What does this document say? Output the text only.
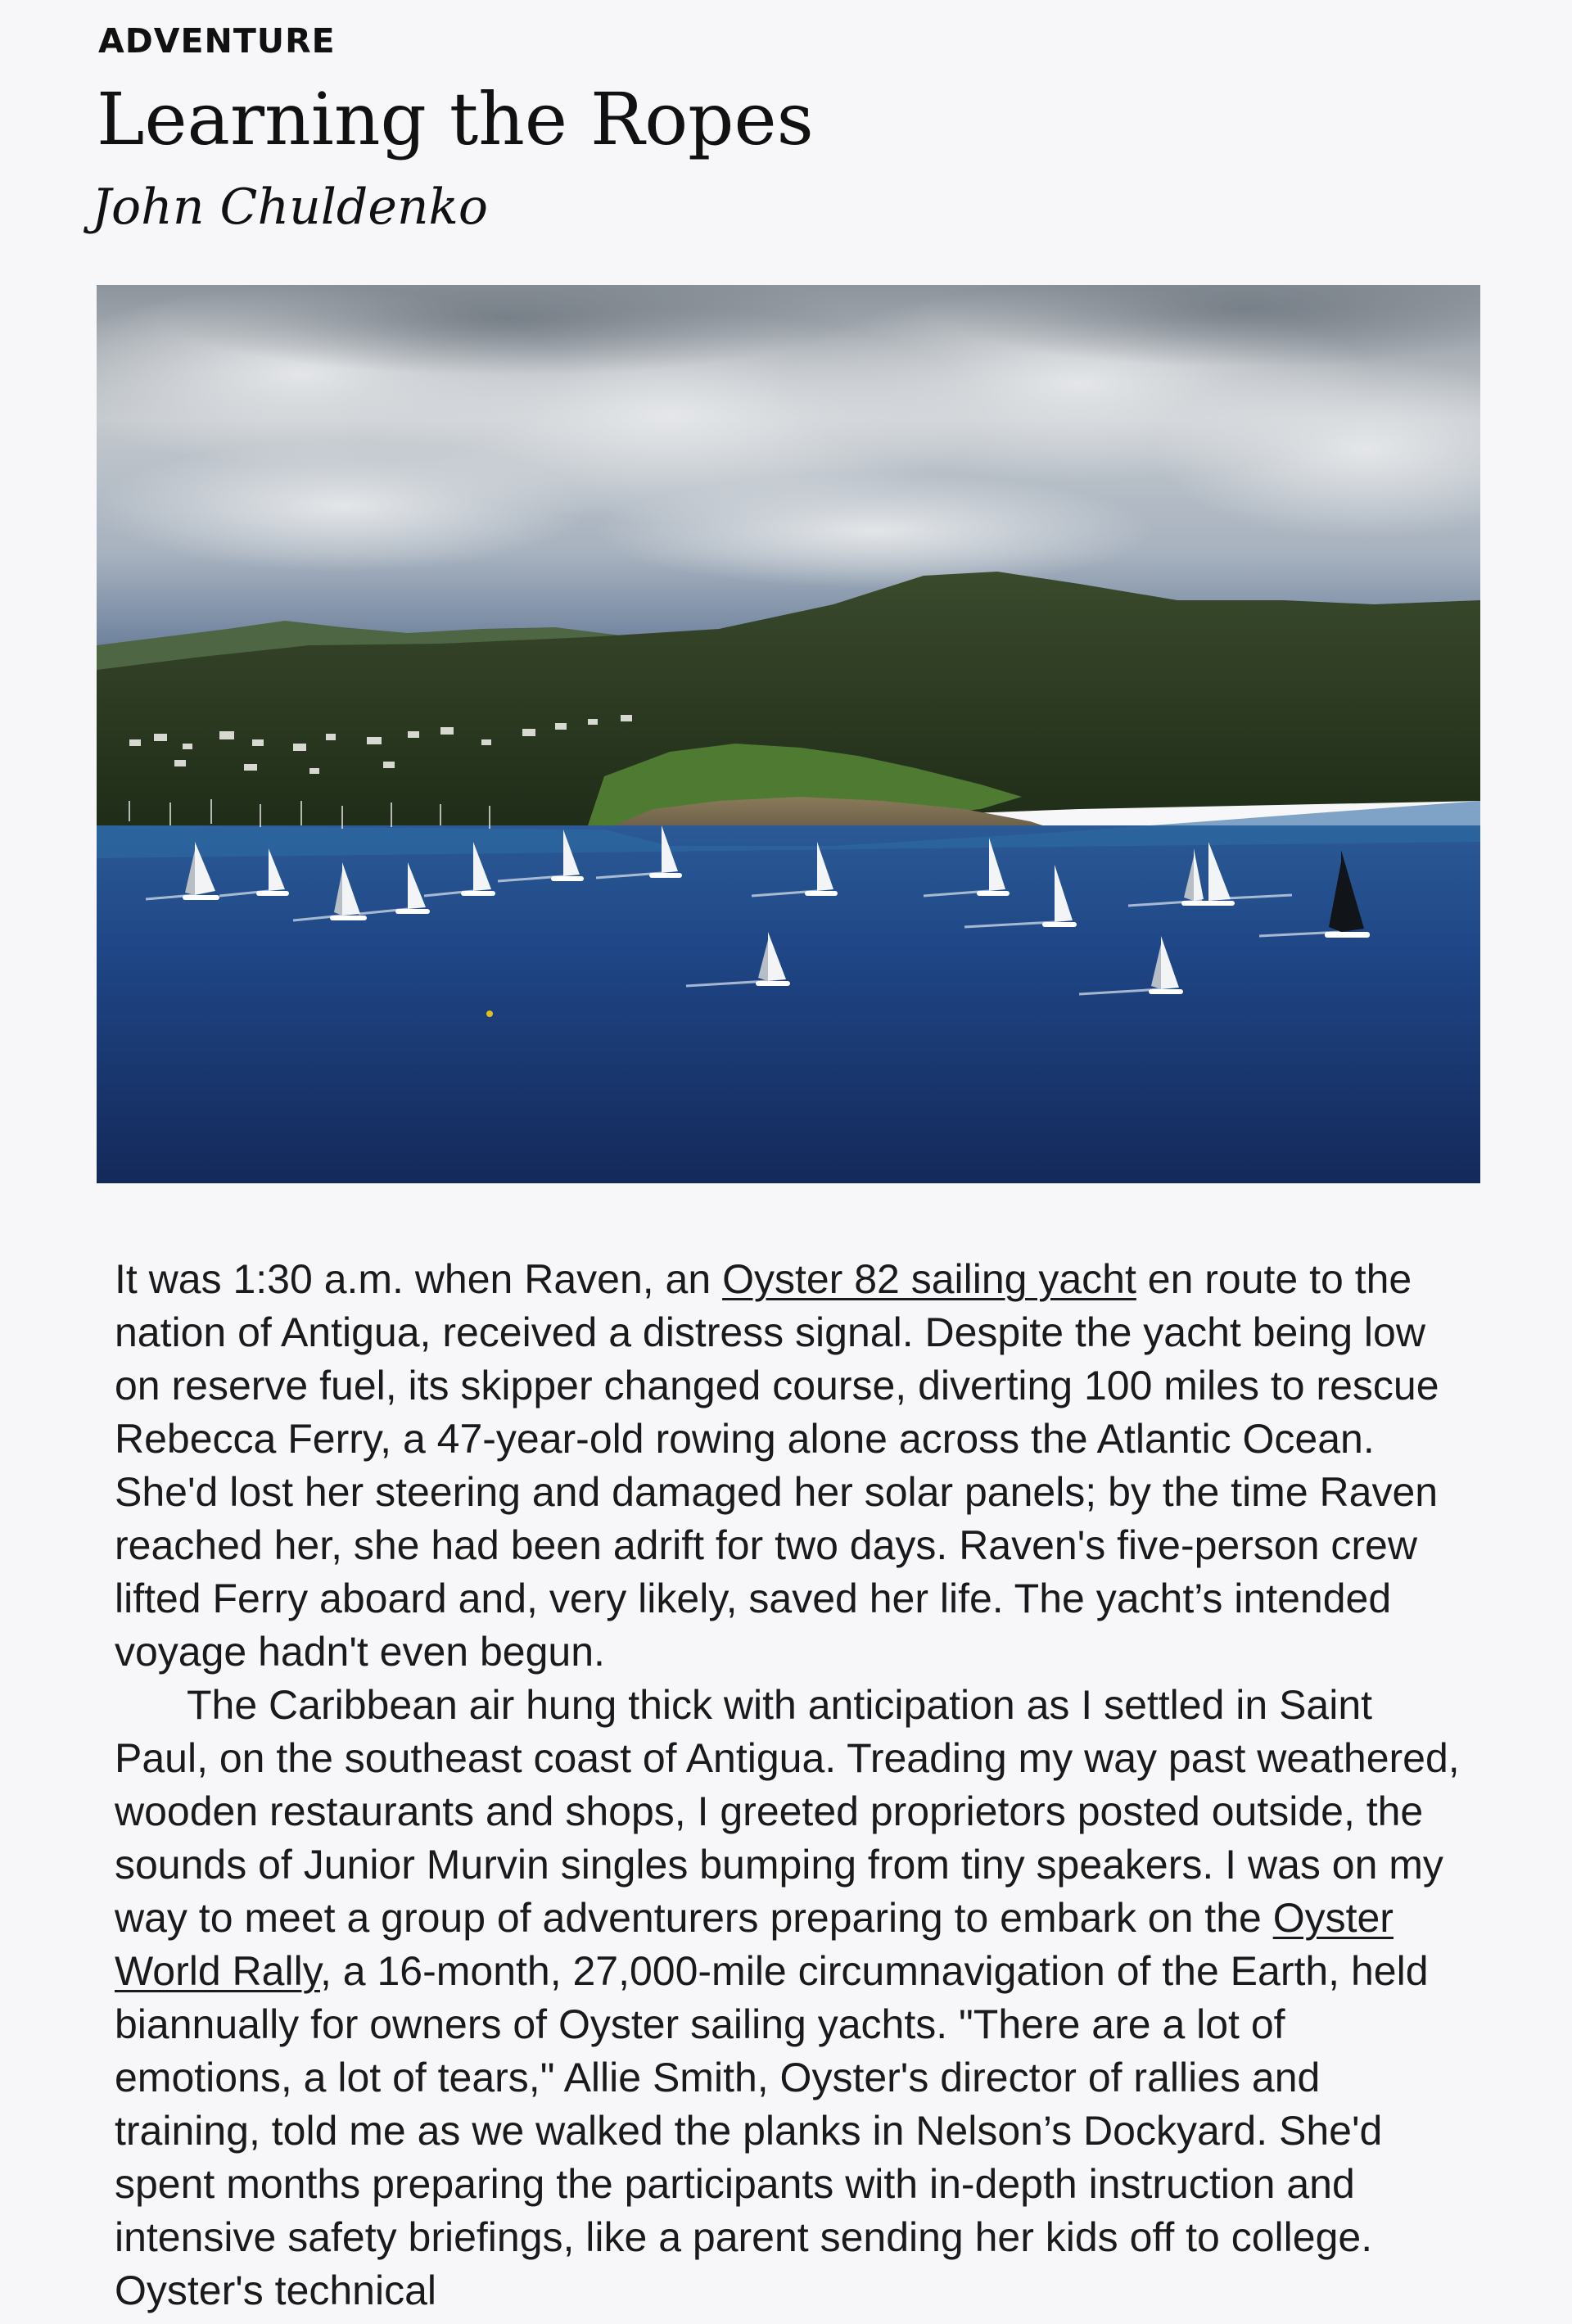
ADVENTURE
Learning the Ropes
John Chuldenko

It was 1:30 a.m. when Raven, an Oyster 82 sailing yacht en route to the nation of Antigua, received a distress signal. Despite the yacht being low on reserve fuel, its skipper changed course, diverting 100 miles to rescue Rebecca Ferry, a 47-year-old rowing alone across the Atlantic Ocean. She'd lost her steering and damaged her solar panels; by the time Raven reached her, she had been adrift for two days. Raven's five-person crew lifted Ferry aboard and, very likely, saved her life. The yacht’s intended voyage hadn't even begun.

The Caribbean air hung thick with anticipation as I settled in Saint Paul, on the southeast coast of Antigua. Treading my way past weathered, wooden restaurants and shops, I greeted proprietors posted outside, the sounds of Junior Murvin singles bumping from tiny speakers. I was on my way to meet a group of adventurers preparing to embark on the Oyster World Rally, a 16-month, 27,000-mile circumnavigation of the Earth, held biannually for owners of Oyster sailing yachts. "There are a lot of emotions, a lot of tears," Allie Smith, Oyster's director of rallies and training, told me as we walked the planks in Nelson’s Dockyard. She'd spent months preparing the participants with in-depth instruction and intensive safety briefings, like a parent sending her kids off to college. Oyster's technical
